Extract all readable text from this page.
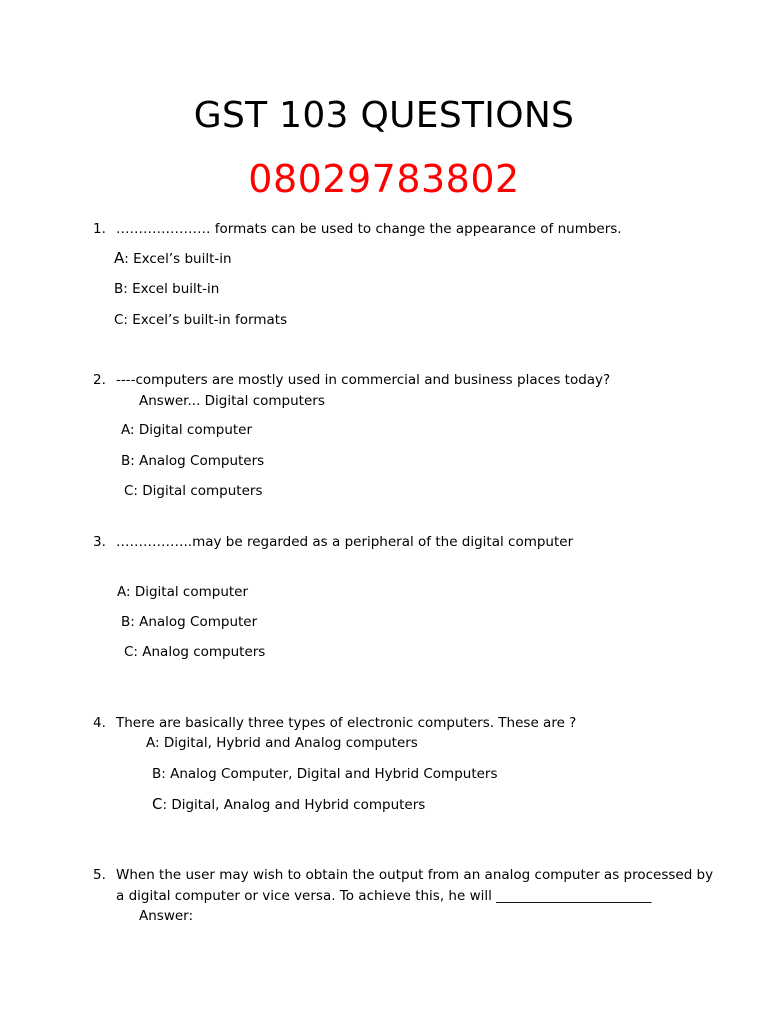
GST 103 QUESTIONS
08029783802
1. ………………… formats can be used to change the appearance of numbers.
A: Excel’s built-in
B: Excel built-in
C: Excel’s built-in formats
2. ----computers are mostly used in commercial and business places today?
Answer... Digital computers
A: Digital computer
B: Analog Computers
C: Digital computers
3. ……………..may be regarded as a peripheral of the digital computer
A: Digital computer
B: Analog Computer
C: Analog computers
4. There are basically three types of electronic computers. These are ?
A: Digital, Hybrid and Analog computers
B: Analog Computer, Digital and Hybrid Computers
C: Digital, Analog and Hybrid computers
5. When the user may wish to obtain the output from an analog computer as processed by
a digital computer or vice versa. To achieve this, he will _______________________
Answer:
